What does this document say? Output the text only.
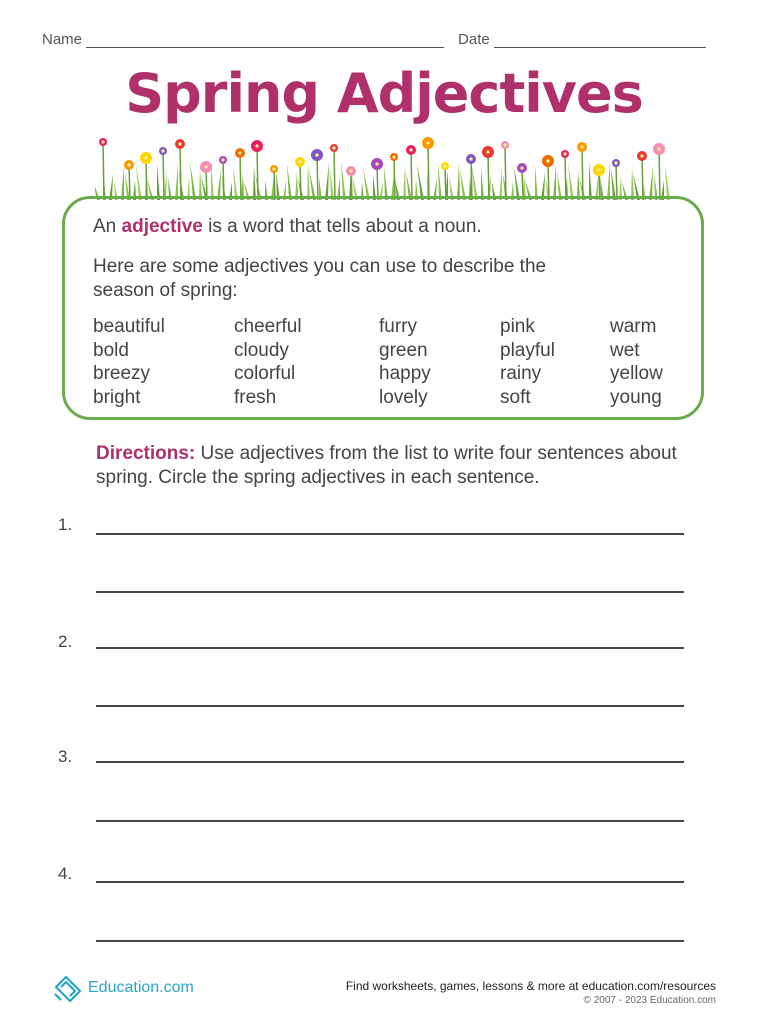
Name	Date
Spring Adjectives

An adjective is a word that tells about a noun.

Here are some adjectives you can use to describe the season of spring:

beautiful
bold
breezy
bright
cheerful
cloudy
colorful
fresh
furry
green
happy
lovely
pink
playful
rainy
soft
warm
wet
yellow
young
Directions: Use adjectives from the list to write four sentences about spring. Circle the spring adjectives in each sentence.
1.
2.
3.
4.
Education.com	Find worksheets, games, lessons & more at education.com/resources
© 2007 - 2023 Education.com
